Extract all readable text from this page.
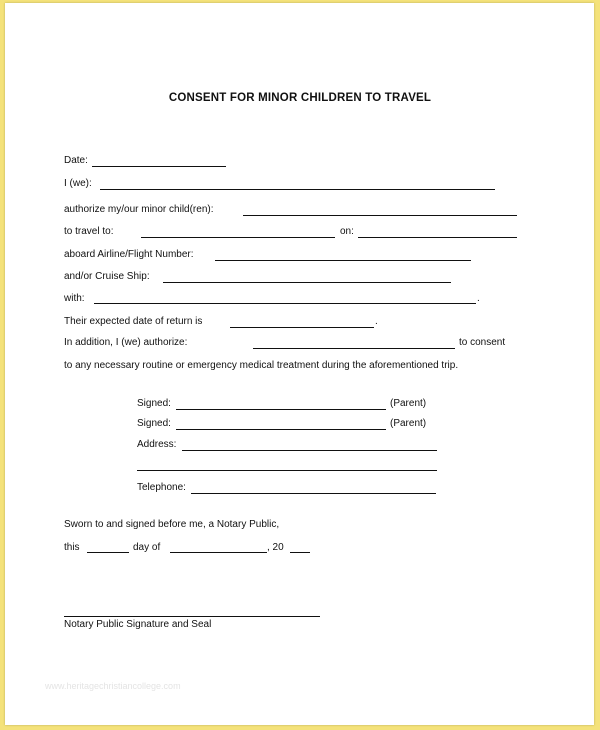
CONSENT FOR MINOR CHILDREN TO TRAVEL
Date:
I (we):
authorize my/our minor child(ren):
to travel to:	on:
aboard Airline/Flight Number:
and/or Cruise Ship:
with:	.
Their expected date of return is	.
In addition, I (we) authorize:	to consent
to any necessary routine or emergency medical treatment during the aforementioned trip.
Signed:	(Parent)
Signed:	(Parent)
Address:
Telephone:
Sworn to and signed before me, a Notary Public,
this	day of	, 20
Notary Public Signature and Seal
www.heritagechristiancollege.com
